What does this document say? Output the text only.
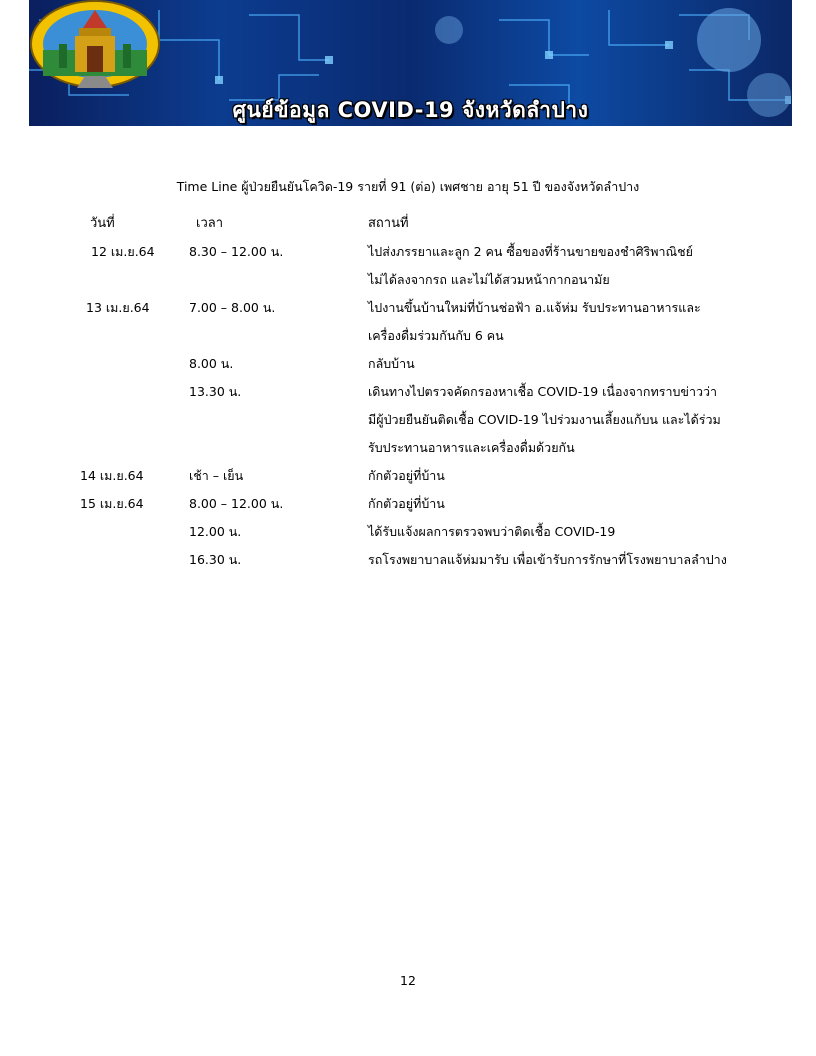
ศูนย์ข้อมูล COVID-19 จังหวัดลำปาง
Time Line ผู้ป่วยยืนยันโควิด-19 รายที่ 91 (ต่อ) เพศชาย อายุ 51 ปี ของจังหวัดลำปาง
วันที่	เวลา	สถานที่
12 เม.ย.64	8.30 – 12.00 น.	ไปส่งภรรยาและลูก 2 คน ซื้อของที่ร้านขายของชำศิริพาณิชย์
ไม่ได้ลงจากรถ และไม่ได้สวมหน้ากากอนามัย
13 เม.ย.64	7.00 – 8.00 น.	ไปงานขึ้นบ้านใหม่ที่บ้านช่อฟ้า อ.แจ้ห่ม รับประทานอาหารและ
เครื่องดื่มร่วมกันกับ 6 คน
8.00 น.	กลับบ้าน
13.30 น.	เดินทางไปตรวจคัดกรองหาเชื้อ COVID-19 เนื่องจากทราบข่าวว่า
มีผู้ป่วยยืนยันติดเชื้อ COVID-19 ไปร่วมงานเลี้ยงแก้บน และได้ร่วม
รับประทานอาหารและเครื่องดื่มด้วยกัน
14 เม.ย.64	เช้า – เย็น	กักตัวอยู่ที่บ้าน
15 เม.ย.64	8.00 – 12.00 น.	กักตัวอยู่ที่บ้าน
12.00 น.	ได้รับแจ้งผลการตรวจพบว่าติดเชื้อ COVID-19
16.30 น.	รถโรงพยาบาลแจ้ห่มมารับ เพื่อเข้ารับการรักษาที่โรงพยาบาลลำปาง
12
